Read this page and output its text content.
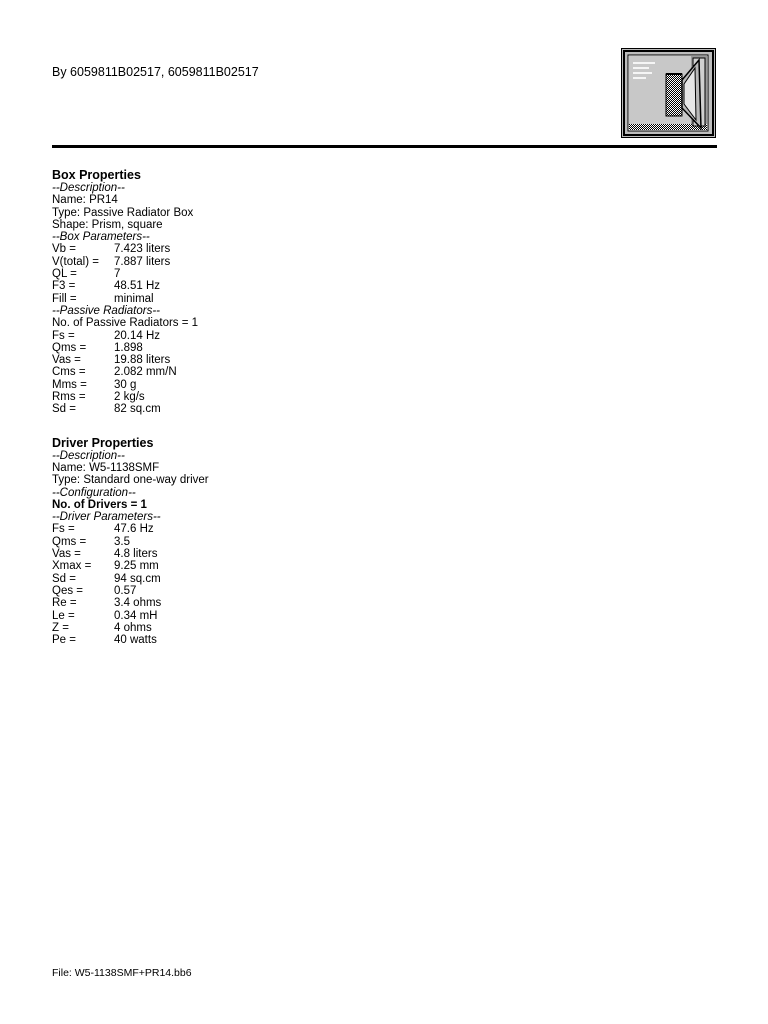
By 6059811B02517, 6059811B02517
Box Properties
--Description--
Name: PR14
Type: Passive Radiator Box
Shape: Prism, square
--Box Parameters--
Vb =	7.423 liters
V(total) =	7.887 liters
QL =	7
F3 =	48.51 Hz
Fill =	minimal
--Passive Radiators--
No. of Passive Radiators = 1
Fs =	20.14 Hz
Qms =	1.898
Vas =	19.88 liters
Cms =	2.082 mm/N
Mms =	30 g
Rms =	2 kg/s
Sd =	82 sq.cm
Driver Properties
--Description--
Name: W5-1138SMF
Type: Standard one-way driver
--Configuration--
No. of Drivers = 1
--Driver Parameters--
Fs =	47.6 Hz
Qms =	3.5
Vas =	4.8 liters
Xmax =	9.25 mm
Sd =	94 sq.cm
Qes =	0.57
Re =	3.4 ohms
Le =	0.34 mH
Z =	4 ohms
Pe =	40 watts
File: W5-1138SMF+PR14.bb6
